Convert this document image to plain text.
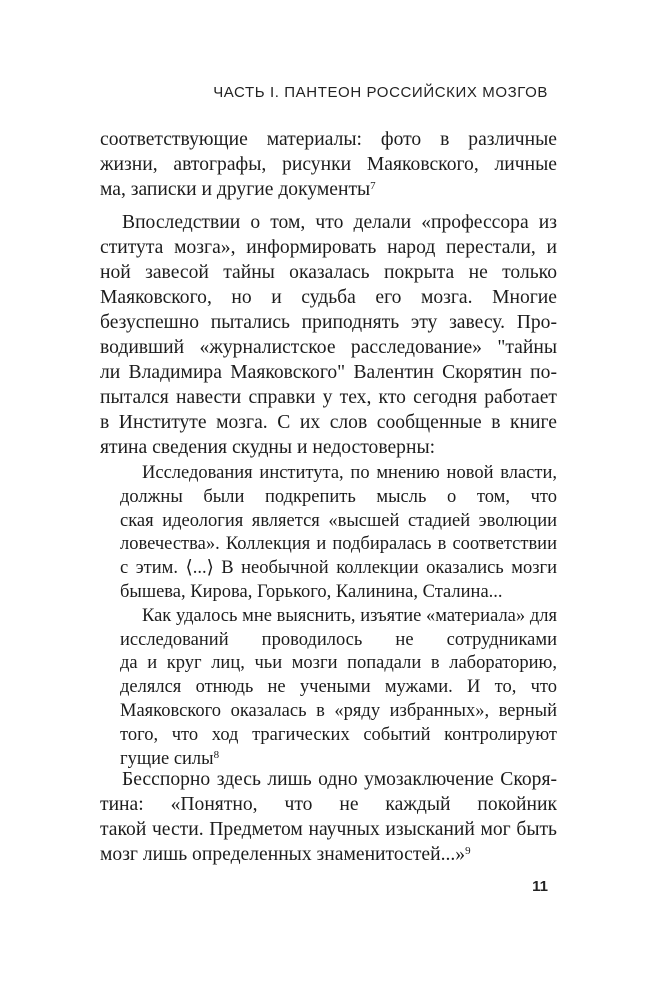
ЧАСТЬ I. ПАНТЕОН РОССИЙСКИХ МОЗГОВ
соответствующие материалы: фото в различные
жизни, автографы, рисунки Маяковского, личные
ма, записки и другие документы$^7$
Впоследствии о том, что делали «профессора из
ститута мозга», информировать народ перестали, и
ной завесой тайны оказалась покрыта не только
Маяковского, но и судьба его мозга. Многие
безуспешно пытались приподнять эту завесу. Про-
водивший «журналистское расследование» "тайны
ли Владимира Маяковского" Валентин Скорятин по-
пытался навести справки у тех, кто сегодня работает
в Институте мозга. С их слов сообщенные в книге
ятина сведения скудны и недостоверны:
Исследования института, по мнению новой власти,
должны были подкрепить мысль о том, что
ская идеология является «высшей стадией эволюции
ловечества». Коллекция и подбиралась в соответствии
с этим. ⟨...⟩ В необычной коллекции оказались мозги
бышева, Кирова, Горького, Калинина, Сталина...
Как удалось мне выяснить, изъятие «материала» для
исследований проводилось не сотрудниками
да и круг лиц, чьи мозги попадали в лабораторию,
делялся отнюдь не учеными мужами. И то, что
Маяковского оказалась в «ряду избранных», верный
того, что ход трагических событий контролируют
гущие силы$^8$
Бесспорно здесь лишь одно умозаключение Скоря-
тина: «Понятно, что не каждый покойник
такой чести. Предметом научных изысканий мог быть
мозг лишь определенных знаменитостей...»$^9$
11
